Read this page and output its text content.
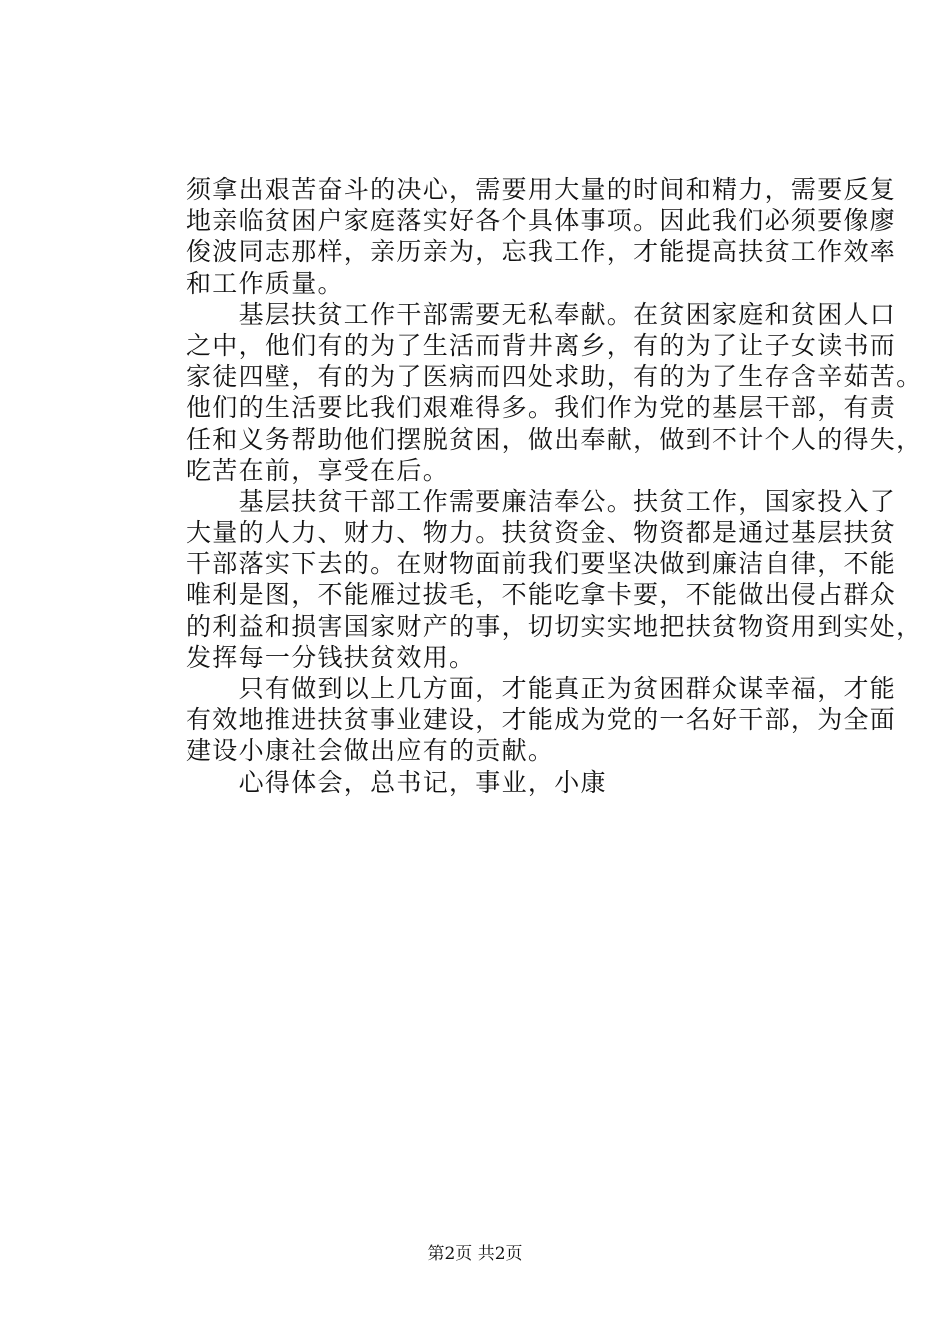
须拿出艰苦奋斗的决心，需要用大量的时间和精力，需要反复
地亲临贫困户家庭落实好各个具体事项。因此我们必须要像廖
俊波同志那样，亲历亲为，忘我工作，才能提高扶贫工作效率
和工作质量。
　　基层扶贫工作干部需要无私奉献。在贫困家庭和贫困人口
之中，他们有的为了生活而背井离乡，有的为了让子女读书而
家徒四壁，有的为了医病而四处求助，有的为了生存含辛茹苦。
他们的生活要比我们艰难得多。我们作为党的基层干部，有责
任和义务帮助他们摆脱贫困，做出奉献，做到不计个人的得失，
吃苦在前，享受在后。
　　基层扶贫干部工作需要廉洁奉公。扶贫工作，国家投入了
大量的人力、财力、物力。扶贫资金、物资都是通过基层扶贫
干部落实下去的。在财物面前我们要坚决做到廉洁自律，不能
唯利是图，不能雁过拔毛，不能吃拿卡要，不能做出侵占群众
的利益和损害国家财产的事，切切实实地把扶贫物资用到实处，
发挥每一分钱扶贫效用。
　　只有做到以上几方面，才能真正为贫困群众谋幸福，才能
有效地推进扶贫事业建设，才能成为党的一名好干部，为全面
建设小康社会做出应有的贡献。
　　心得体会，总书记，事业，小康
第2页 共2页
